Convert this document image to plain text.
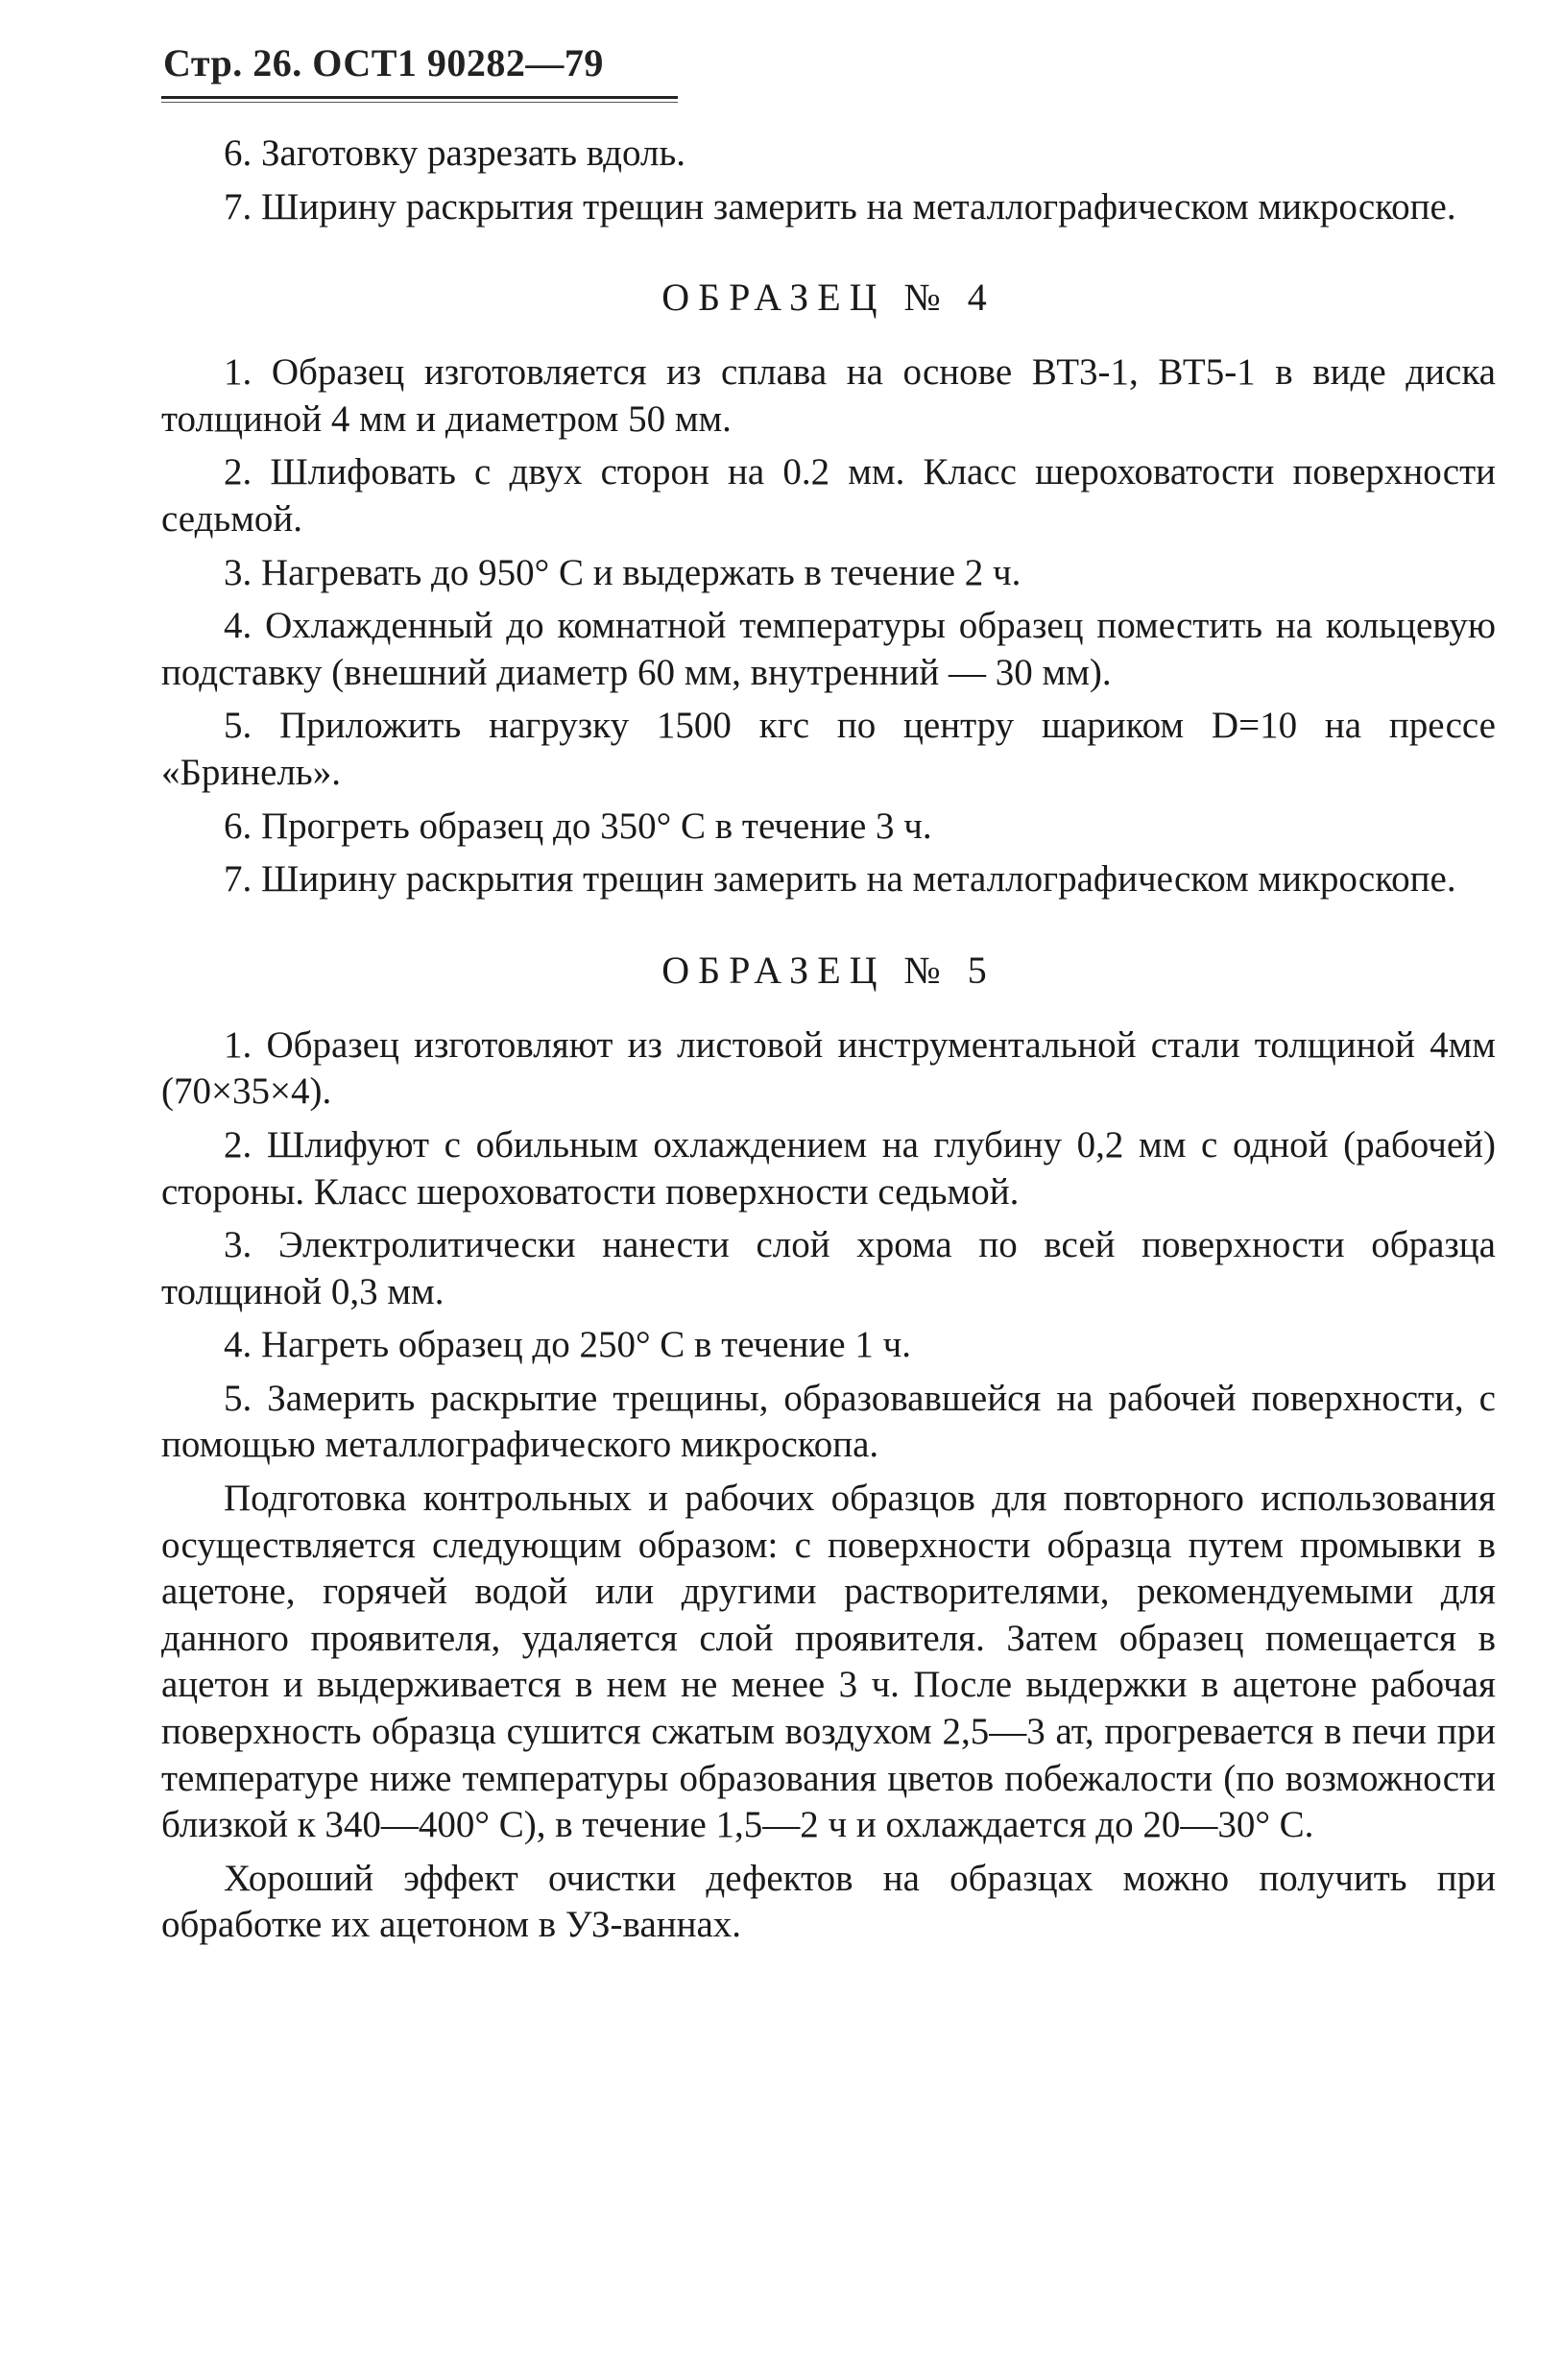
Стр. 26. ОСТ1 90282—79

6. Заготовку разрезать вдоль.

7. Ширину раскрытия трещин замерить на металлографическом микроскопе.

ОБРАЗЕЦ № 4

1. Образец изготовляется из сплава на основе ВТ3-1, ВТ5-1 в виде диска толщиной 4 мм и диаметром 50 мм.

2. Шлифовать с двух сторон на 0.2 мм. Класс шероховатости поверхности седьмой.

3. Нагревать до 950° С и выдержать в течение 2 ч.

4. Охлажденный до комнатной температуры образец поместить на кольцевую подставку (внешний диаметр 60 мм, внутренний — 30 мм).

5. Приложить нагрузку 1500 кгс по центру шариком D=10 на прессе «Бринель».

6. Прогреть образец до 350° С в течение 3 ч.

7. Ширину раскрытия трещин замерить на металлографическом микроскопе.

ОБРАЗЕЦ № 5

1. Образец изготовляют из листовой инструментальной стали толщиной 4мм (70×35×4).

2. Шлифуют с обильным охлаждением на глубину 0,2 мм с одной (рабочей) стороны. Класс шероховатости поверхности седьмой.

3. Электролитически нанести слой хрома по всей поверхности образца толщиной 0,3 мм.

4. Нагреть образец до 250° С в течение 1 ч.

5. Замерить раскрытие трещины, образовавшейся на рабочей поверхности, с помощью металлографического микроскопа.

Подготовка контрольных и рабочих образцов для повторного использования осуществляется следующим образом: с поверхности образца путем промывки в ацетоне, горячей водой или другими растворителями, рекомендуемыми для данного проявителя, удаляется слой проявителя. Затем образец помещается в ацетон и выдерживается в нем не менее 3 ч. После выдержки в ацетоне рабочая поверхность образца сушится сжатым воздухом 2,5—3 ат, прогревается в печи при температуре ниже температуры образования цветов побежалости (по возможности близкой к 340—400° С), в течение 1,5—2 ч и охлаждается до 20—30° С.

Хороший эффект очистки дефектов на образцах можно получить при обработке их ацетоном в УЗ-ваннах.
